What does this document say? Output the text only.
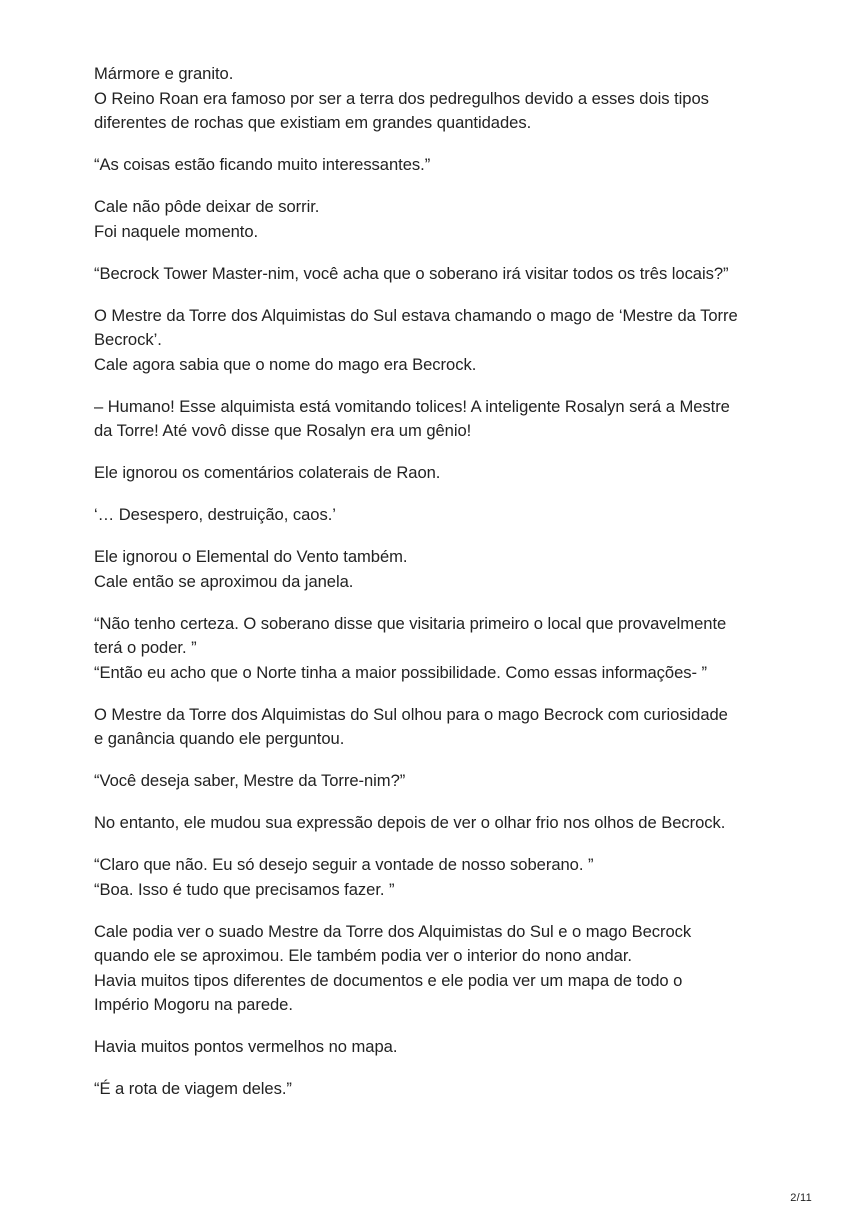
Mármore e granito.
O Reino Roan era famoso por ser a terra dos pedregulhos devido a esses dois tipos
diferentes de rochas que existiam em grandes quantidades.

“As coisas estão ficando muito interessantes.”

Cale não pôde deixar de sorrir.
Foi naquele momento.

“Becrock Tower Master-nim, você acha que o soberano irá visitar todos os três locais?”

O Mestre da Torre dos Alquimistas do Sul estava chamando o mago de ‘Mestre da Torre
Becrock’.
Cale agora sabia que o nome do mago era Becrock.

– Humano! Esse alquimista está vomitando tolices! A inteligente Rosalyn será a Mestre
da Torre! Até vovô disse que Rosalyn era um gênio!

Ele ignorou os comentários colaterais de Raon.

‘… Desespero, destruição, caos.’

Ele ignorou o Elemental do Vento também.
Cale então se aproximou da janela.

“Não tenho certeza. O soberano disse que visitaria primeiro o local que provavelmente
terá o poder. ”
“Então eu acho que o Norte tinha a maior possibilidade. Como essas informações- ”

O Mestre da Torre dos Alquimistas do Sul olhou para o mago Becrock com curiosidade
e ganância quando ele perguntou.

“Você deseja saber, Mestre da Torre-nim?”

No entanto, ele mudou sua expressão depois de ver o olhar frio nos olhos de Becrock.

“Claro que não. Eu só desejo seguir a vontade de nosso soberano. ”
“Boa. Isso é tudo que precisamos fazer. ”

Cale podia ver o suado Mestre da Torre dos Alquimistas do Sul e o mago Becrock
quando ele se aproximou. Ele também podia ver o interior do nono andar.
Havia muitos tipos diferentes de documentos e ele podia ver um mapa de todo o
Império Mogoru na parede.

Havia muitos pontos vermelhos no mapa.

“É a rota de viagem deles.”

2/11
